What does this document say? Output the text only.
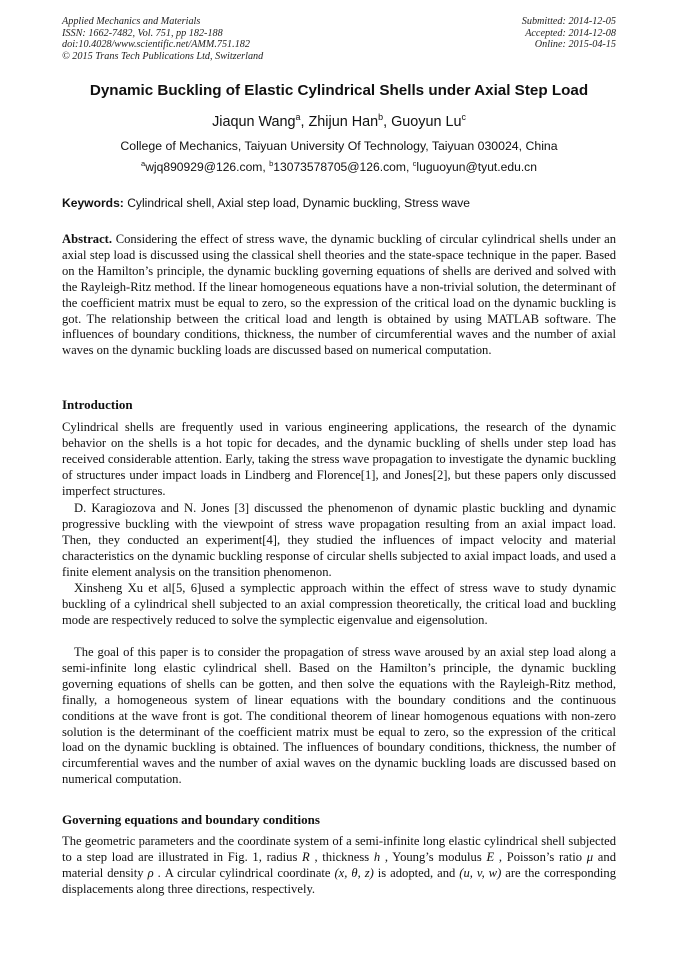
Applied Mechanics and Materials
ISSN: 1662-7482, Vol. 751, pp 182-188
doi:10.4028/www.scientific.net/AMM.751.182
© 2015 Trans Tech Publications Ltd, Switzerland
Submitted: 2014-12-05
Accepted: 2014-12-08
Online: 2015-04-15
Dynamic Buckling of Elastic Cylindrical Shells under Axial Step Load
Jiaqun Wang$^a$, Zhijun Han$^b$, Guoyun Lu$^c$
College of Mechanics, Taiyuan University Of Technology, Taiyuan 030024, China
$^a$wjq890929@126.com, $^b$13073578705@126.com, $^c$luguoyun@tyut.edu.cn
Keywords: Cylindrical shell, Axial step load, Dynamic buckling, Stress wave

Abstract. Considering the effect of stress wave, the dynamic buckling of circular cylindrical shells under an axial step load is discussed using the classical shell theories and the state-space technique in the paper. Based on the Hamilton’s principle, the dynamic buckling governing equations of shells are derived and solved with the Rayleigh-Ritz method. If the linear homogeneous equations have a non-trivial solution, the determinant of the coefficient matrix must be equal to zero, so the expression of the critical load on the dynamic buckling is got. The relationship between the critical load and length is obtained by using MATLAB software. The influences of boundary conditions, thickness, the number of circumferential waves and the number of axial waves on the dynamic buckling loads are discussed based on numerical computation.

Introduction

Cylindrical shells are frequently used in various engineering applications, the research of the dynamic behavior on the shells is a hot topic for decades, and the dynamic buckling of shells under step load has received considerable attention. Early, taking the stress wave propagation to investigate the dynamic buckling of structures under impact loads in Lindberg and Florence[1], and Jones[2], but these papers only discussed imperfect structures.

D. Karagiozova and N. Jones [3] discussed the phenomenon of dynamic plastic buckling and dynamic progressive buckling with the viewpoint of stress wave propagation resulting from an axial impact load. Then, they conducted an experiment[4], they studied the influences of impact velocity and material characteristics on the dynamic buckling response of circular shells subjected to axial impact loads, and used a finite element analysis on the transition phenomenon.

Xinsheng Xu et al[5, 6]used a symplectic approach within the effect of stress wave to study dynamic buckling of a cylindrical shell subjected to an axial compression theoretically, the critical load and buckling mode are respectively reduced to solve the symplectic eigenvalue and eigensolution.

The goal of this paper is to consider the propagation of stress wave aroused by an axial step load along a semi-infinite long elastic cylindrical shell. Based on the Hamilton’s principle, the dynamic buckling governing equations of shells can be gotten, and then solve the equations with the Rayleigh-Ritz method, finally, a homogeneous system of linear equations with the boundary conditions and the continuous conditions at the wave front is got. The conditional theorem of linear homogenous equations with non-zero solution is the determinant of the coefficient matrix must be equal to zero, so the expression of the critical load on the dynamic buckling is obtained. The influences of boundary conditions, thickness, the number of circumferential waves and the number of axial waves on the dynamic buckling loads are discussed based on numerical computation.

Governing equations and boundary conditions

The geometric parameters and the coordinate system of a semi-infinite long elastic cylindrical shell subjected to a step load are illustrated in Fig. 1, radius R , thickness h , Young’s modulus E , Poisson’s ratio μ and material density ρ . A circular cylindrical coordinate (x, θ, z) is adopted, and (u, v, w) are the corresponding displacements along three directions, respectively.
